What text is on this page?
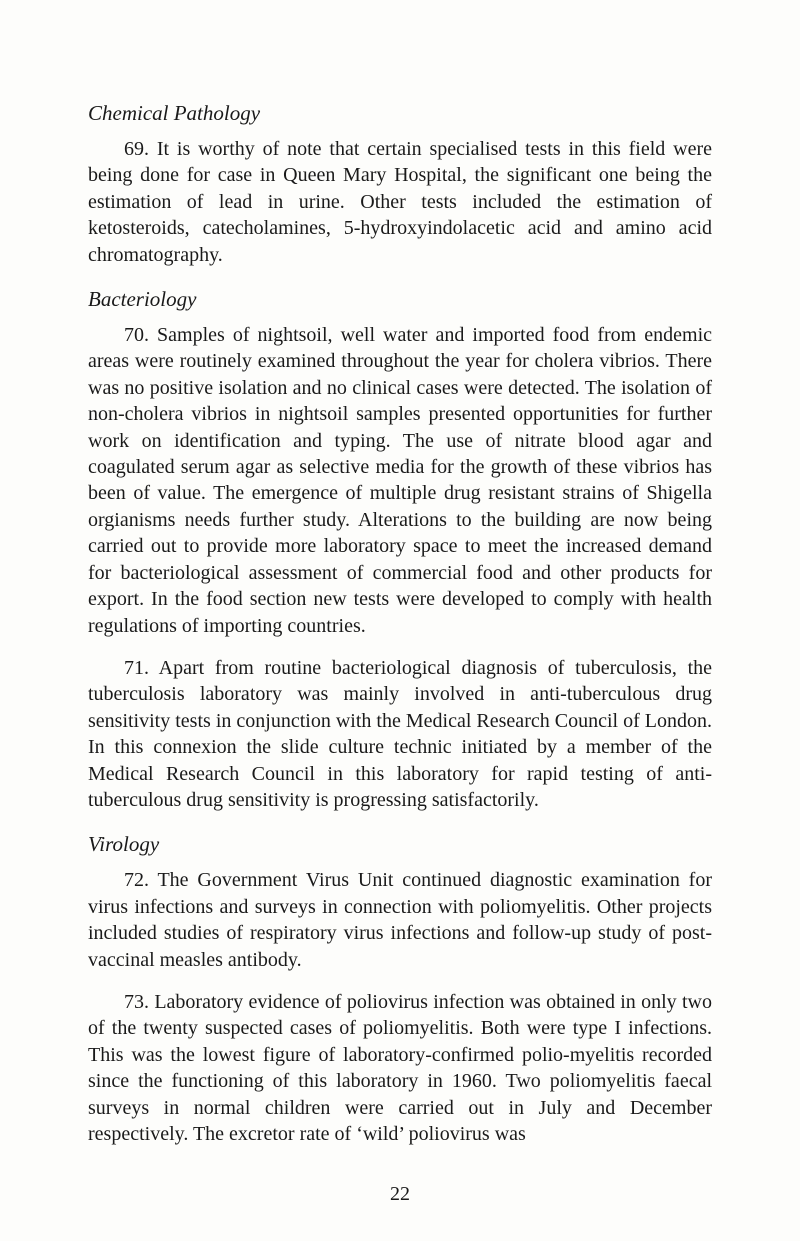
Chemical Pathology

69. It is worthy of note that certain specialised tests in this field were being done for case in Queen Mary Hospital, the significant one being the estimation of lead in urine. Other tests included the estimation of ketosteroids, catecholamines, 5-hydroxyindolacetic acid and amino acid chromatography.

Bacteriology

70. Samples of nightsoil, well water and imported food from endemic areas were routinely examined throughout the year for cholera vibrios. There was no positive isolation and no clinical cases were detected. The isolation of non-cholera vibrios in nightsoil samples presented opportunities for further work on identification and typing. The use of nitrate blood agar and coagulated serum agar as selective media for the growth of these vibrios has been of value. The emergence of multiple drug resistant strains of Shigella orgianisms needs further study. Alterations to the building are now being carried out to provide more laboratory space to meet the increased demand for bacteriological assessment of commercial food and other products for export. In the food section new tests were developed to comply with health regulations of importing countries.

71. Apart from routine bacteriological diagnosis of tuberculosis, the tuberculosis laboratory was mainly involved in anti-tuberculous drug sensitivity tests in conjunction with the Medical Research Council of London. In this connexion the slide culture technic initiated by a member of the Medical Research Council in this laboratory for rapid testing of anti-tuberculous drug sensitivity is progressing satisfactorily.

Virology

72. The Government Virus Unit continued diagnostic examination for virus infections and surveys in connection with poliomyelitis. Other projects included studies of respiratory virus infections and follow-up study of post-vaccinal measles antibody.

73. Laboratory evidence of poliovirus infection was obtained in only two of the twenty suspected cases of poliomyelitis. Both were type I infections. This was the lowest figure of laboratory-confirmed polio-myelitis recorded since the functioning of this laboratory in 1960. Two poliomyelitis faecal surveys in normal children were carried out in July and December respectively. The excretor rate of ‘wild’ poliovirus was

22
